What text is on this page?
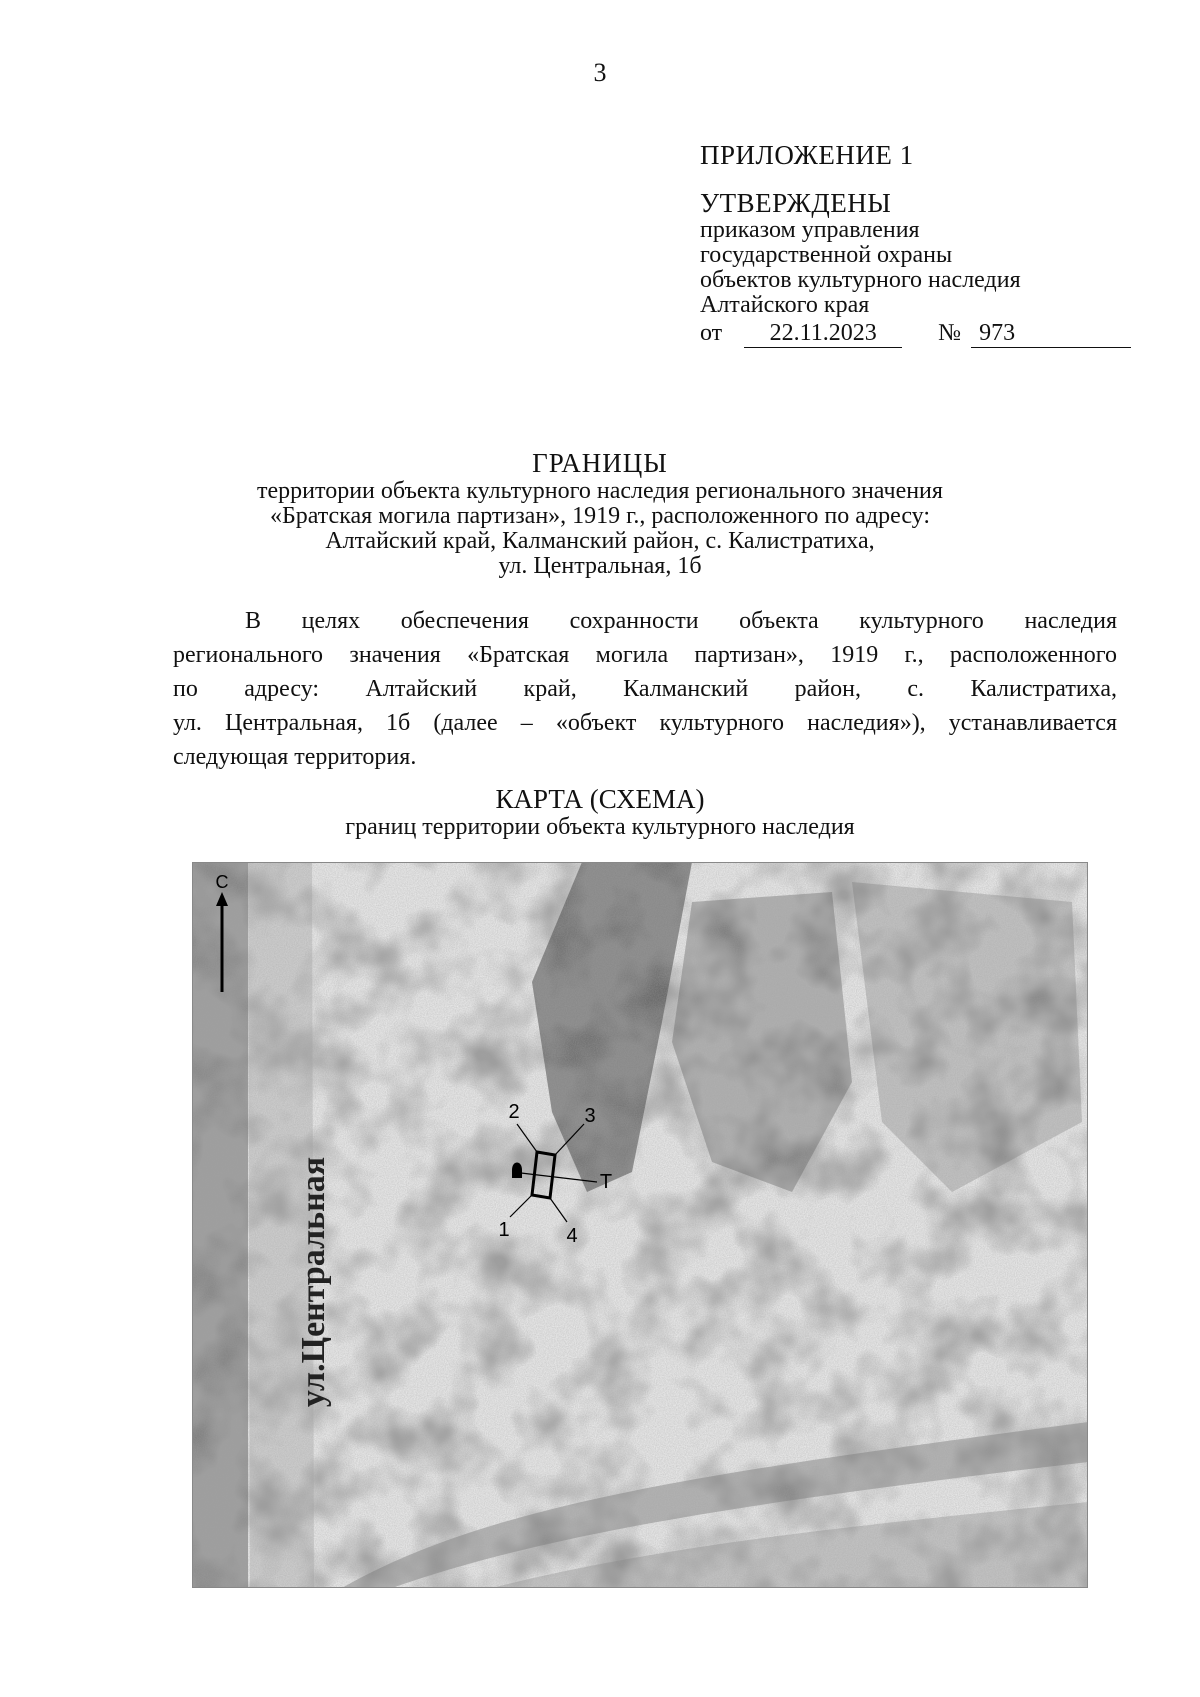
3
ПРИЛОЖЕНИЕ 1
УТВЕРЖДЕНЫ
приказом управления
государственной охраны
объектов культурного наследия
Алтайского края
от 22.11.2023	№ 973
ГРАНИЦЫ
территории объекта культурного наследия регионального значения
«Братская могила партизан», 1919 г., расположенного по адресу:
Алтайский край, Калманский район, с. Калистратиха,
ул. Центральная, 1б
В целях обеспечения сохранности объекта культурного наследия
регионального значения «Братская могила партизан», 1919 г., расположенного
по адресу: Алтайский край, Калманский район, с. Калистратиха,
ул. Центральная, 1б (далее – «объект культурного наследия»), устанавливается
следующая территория.
КАРТА (СХЕМА)
границ территории объекта культурного наследия
С
ул.Центральная
2	3
1	4
Т
